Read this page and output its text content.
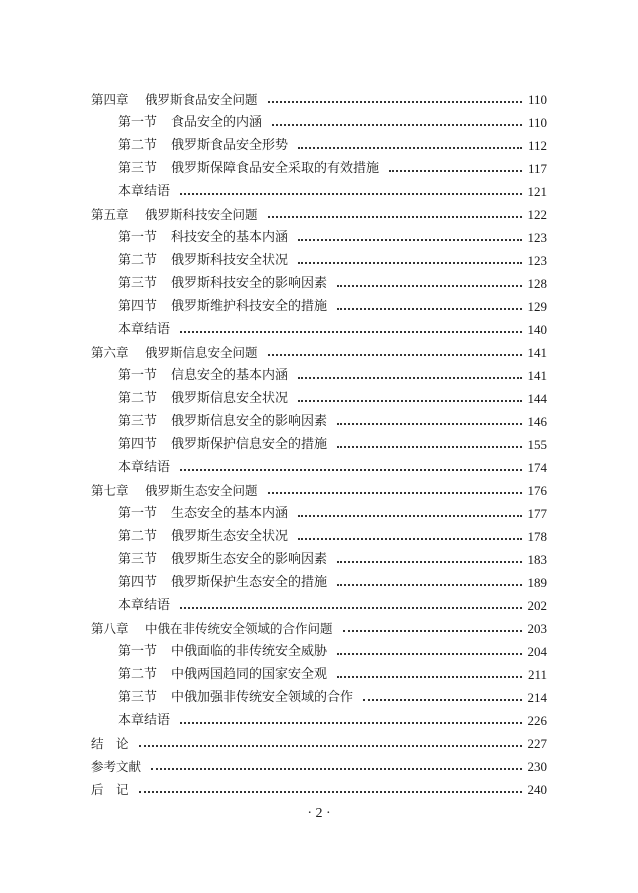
第四章 俄罗斯食品安全问题	110
第一节 食品安全的内涵	110
第二节 俄罗斯食品安全形势	112
第三节 俄罗斯保障食品安全采取的有效措施	117
本章结语	121
第五章 俄罗斯科技安全问题	122
第一节 科技安全的基本内涵	123
第二节 俄罗斯科技安全状况	123
第三节 俄罗斯科技安全的影响因素	128
第四节 俄罗斯维护科技安全的措施	129
本章结语	140
第六章 俄罗斯信息安全问题	141
第一节 信息安全的基本内涵	141
第二节 俄罗斯信息安全状况	144
第三节 俄罗斯信息安全的影响因素	146
第四节 俄罗斯保护信息安全的措施	155
本章结语	174
第七章 俄罗斯生态安全问题	176
第一节 生态安全的基本内涵	177
第二节 俄罗斯生态安全状况	178
第三节 俄罗斯生态安全的影响因素	183
第四节 俄罗斯保护生态安全的措施	189
本章结语	202
第八章 中俄在非传统安全领域的合作问题	203
第一节 中俄面临的非传统安全威胁	204
第二节 中俄两国趋同的国家安全观	211
第三节 中俄加强非传统安全领域的合作	214
本章结语	226
结　论	227
参考文献	230
后　记	240
· 2 ·
